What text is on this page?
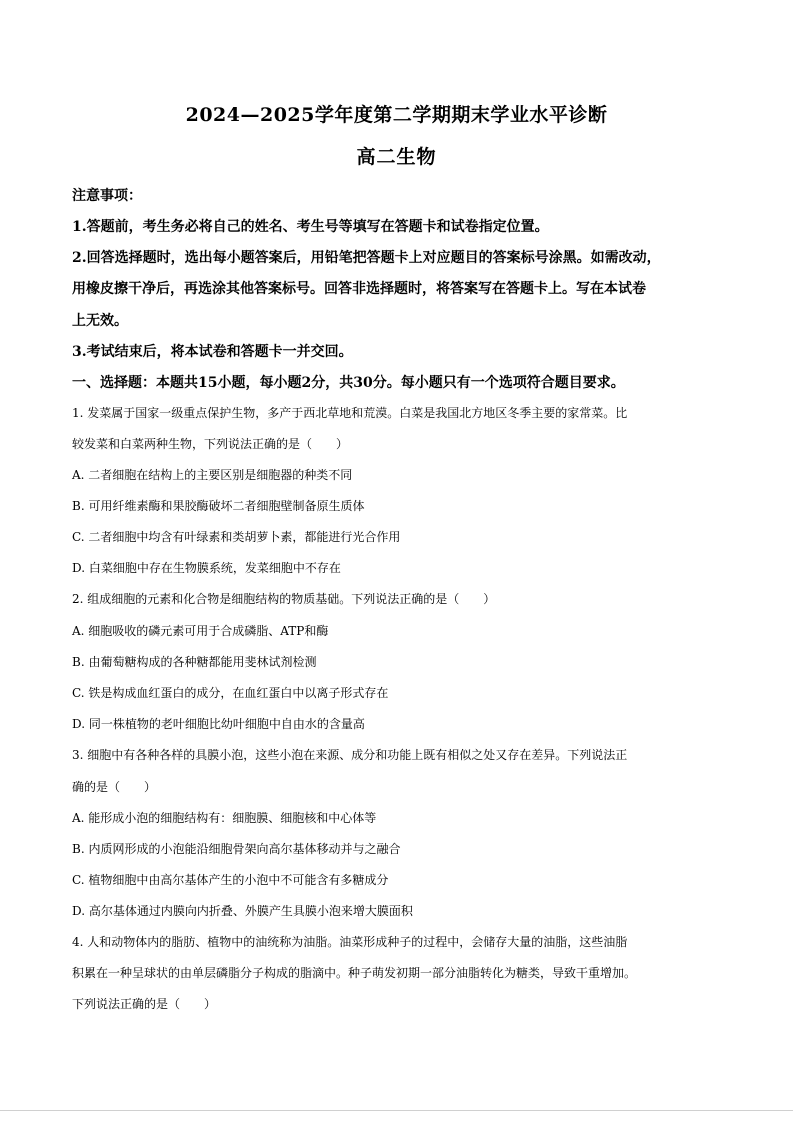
2024—2025学年度第二学期期末学业水平诊断
高二生物
注意事项：
1.答题前，考生务必将自己的姓名、考生号等填写在答题卡和试卷指定位置。
2.回答选择题时，选出每小题答案后，用铅笔把答题卡上对应题目的答案标号涂黑。如需改动，
用橡皮擦干净后，再选涂其他答案标号。回答非选择题时，将答案写在答题卡上。写在本试卷
上无效。
3.考试结束后，将本试卷和答题卡一并交回。
一、选择题：本题共15小题，每小题2分，共30分。每小题只有一个选项符合题目要求。
1. 发菜属于国家一级重点保护生物，多产于西北草地和荒漠。白菜是我国北方地区冬季主要的家常菜。比
较发菜和白菜两种生物，下列说法正确的是（　　）
A. 二者细胞在结构上的主要区别是细胞器的种类不同
B. 可用纤维素酶和果胶酶破坏二者细胞壁制备原生质体
C. 二者细胞中均含有叶绿素和类胡萝卜素，都能进行光合作用
D. 白菜细胞中存在生物膜系统，发菜细胞中不存在
2. 组成细胞的元素和化合物是细胞结构的物质基础。下列说法正确的是（　　）
A. 细胞吸收的磷元素可用于合成磷脂、ATP和酶
B. 由葡萄糖构成的各种糖都能用斐林试剂检测
C. 铁是构成血红蛋白的成分，在血红蛋白中以离子形式存在
D. 同一株植物的老叶细胞比幼叶细胞中自由水的含量高
3. 细胞中有各种各样的具膜小泡，这些小泡在来源、成分和功能上既有相似之处又存在差异。下列说法正
确的是（　　）
A. 能形成小泡的细胞结构有：细胞膜、细胞核和中心体等
B. 内质网形成的小泡能沿细胞骨架向高尔基体移动并与之融合
C. 植物细胞中由高尔基体产生的小泡中不可能含有多糖成分
D. 高尔基体通过内膜向内折叠、外膜产生具膜小泡来增大膜面积
4. 人和动物体内的脂肪、植物中的油统称为油脂。油菜形成种子的过程中，会储存大量的油脂，这些油脂
积累在一种呈球状的由单层磷脂分子构成的脂滴中。种子萌发初期一部分油脂转化为糖类，导致干重增加。
下列说法正确的是（　　）
